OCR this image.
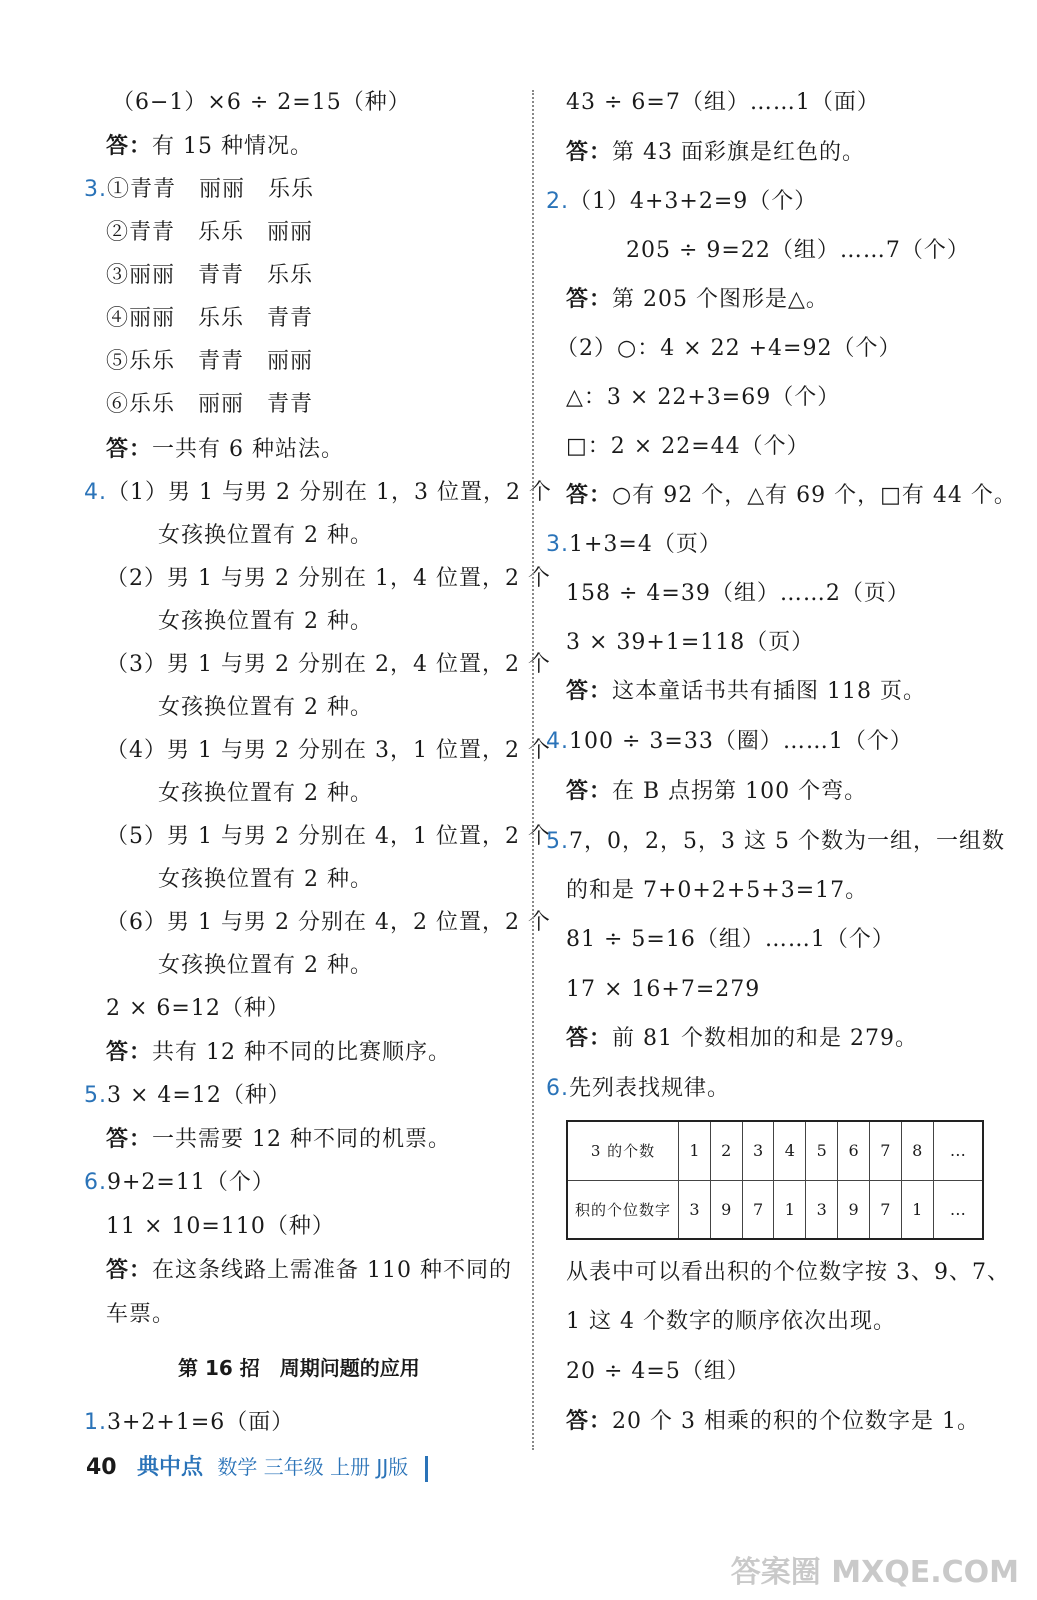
（6−1）×6 ÷ 2=15（种）
答：有 15 种情况。
3.①青青　丽丽　乐乐
②青青　乐乐　丽丽
③丽丽　青青　乐乐
④丽丽　乐乐　青青
⑤乐乐　青青　丽丽
⑥乐乐　丽丽　青青
答：一共有 6 种站法。
4.（1）男 1 与男 2 分别在 1，3 位置，2 个
女孩换位置有 2 种。
（2）男 1 与男 2 分别在 1，4 位置，2 个
女孩换位置有 2 种。
（3）男 1 与男 2 分别在 2，4 位置，2 个
女孩换位置有 2 种。
（4）男 1 与男 2 分别在 3，1 位置，2 个
女孩换位置有 2 种。
（5）男 1 与男 2 分别在 4，1 位置，2 个
女孩换位置有 2 种。
（6）男 1 与男 2 分别在 4，2 位置，2 个
女孩换位置有 2 种。
2 × 6=12（种）
答：共有 12 种不同的比赛顺序。
5.3 × 4=12（种）
答：一共需要 12 种不同的机票。
6.9+2=11（个）
11 × 10=110（种）
答：在这条线路上需准备 110 种不同的
车票。
第 16 招　周期问题的应用
1.3+2+1=6（面）
43 ÷ 6=7（组）……1（面）
答：第 43 面彩旗是红色的。
2.（1）4+3+2=9（个）
205 ÷ 9=22（组）……7（个）
答：第 205 个图形是△。
（2）○：4 × 22 +4=92（个）
△：3 × 22+3=69（个）
□：2 × 22=44（个）
答：○有 92 个，△有 69 个，□有 44 个。
3.1+3=4（页）
158 ÷ 4=39（组）……2（页）
3 × 39+1=118（页）
答：这本童话书共有插图 118 页。
4.100 ÷ 3=33（圈）……1（个）
答：在 B 点拐第 100 个弯。
5.7，0，2，5，3 这 5 个数为一组，一组数
的和是 7+0+2+5+3=17。
81 ÷ 5=16（组）……1（个）
17 × 16+7=279
答：前 81 个数相加的和是 279。
6.先列表找规律。
3 的个数	1	2	3	4	5	6	7	8	…
积的个位数字	3	9	7	1	3	9	7	1	…
从表中可以看出积的个位数字按 3、9、7、
1 这 4 个数字的顺序依次出现。
20 ÷ 4=5（组）
答：20 个 3 相乘的积的个位数字是 1。
40 典中点 数学 三年级 上册 JJ版
答案圈 MXQE.COM
